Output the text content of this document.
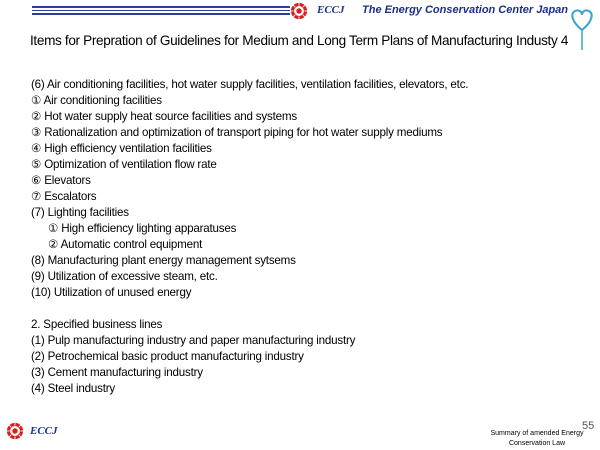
ECCJ The Energy Conservation Center Japan
Items for Prepration of Guidelines for Medium and Long Term Plans of Manufacturing Industy 4
(6) Air conditioning facilities, hot water supply facilities, ventilation facilities, elevators, etc.
① Air conditioning facilities
② Hot water supply heat source facilities and systems
③ Rationalization and optimization of transport piping for hot water supply mediums
④ High efficiency ventilation facilities
⑤ Optimization of ventilation flow rate
⑥ Elevators
⑦ Escalators
(7) Lighting facilities
① High efficiency lighting apparatuses
② Automatic control equipment
(8) Manufacturing plant energy management sytsems
(9) Utilization of excessive steam, etc.
(10) Utilization of unused energy
2. Specified business lines
(1) Pulp manufacturing industry and paper manufacturing industry
(2) Petrochemical basic product manufacturing industry
(3) Cement manufacturing industry
(4) Steel industry
ECCJ	55
Summary of amended Energy
Conservation Law
